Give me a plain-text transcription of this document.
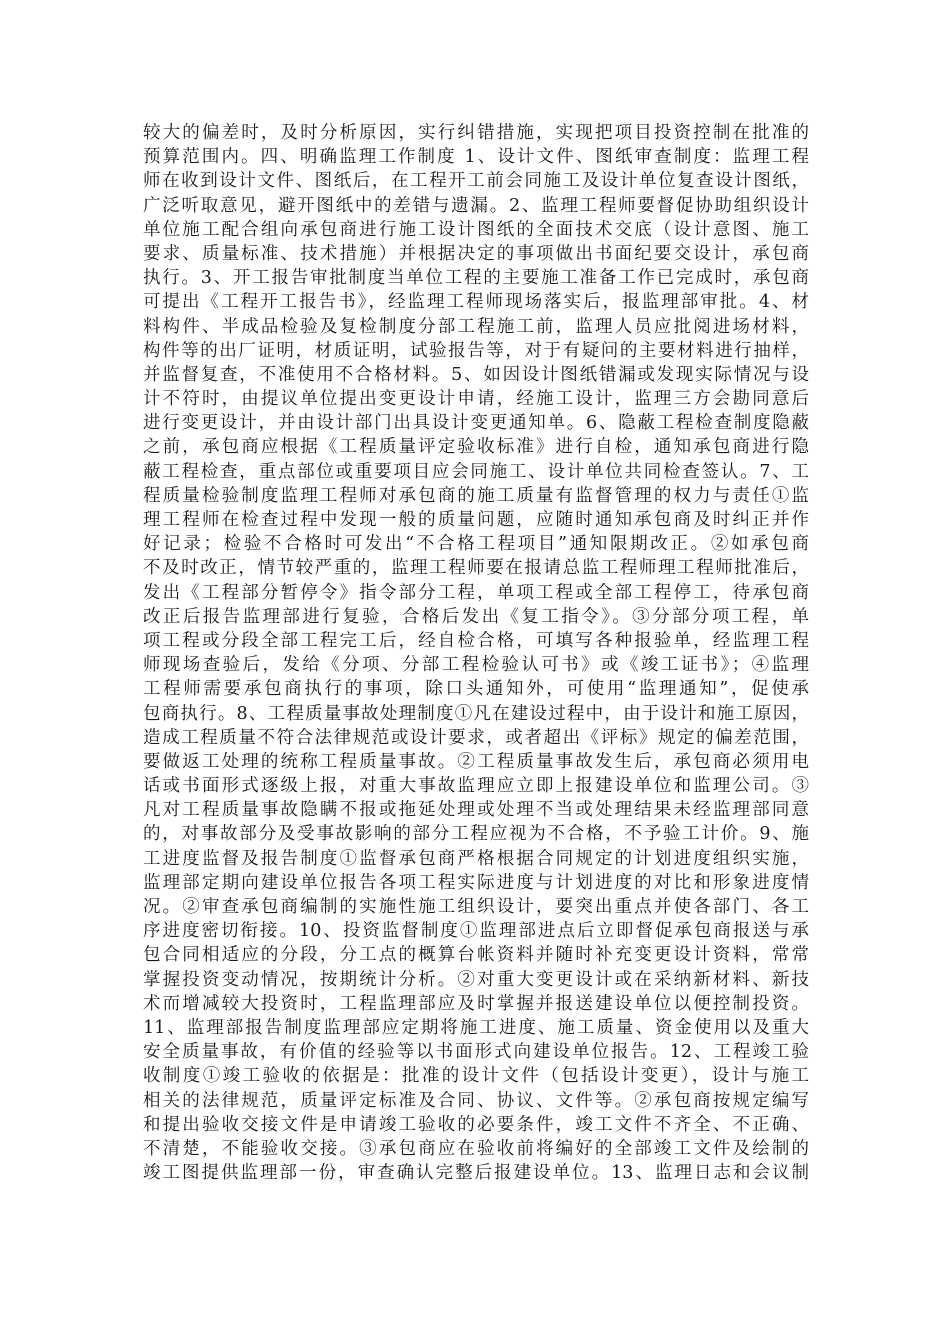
较大的偏差时，及时分析原因，实行纠错措施，实现把项目投资控制在批准的
预算范围内。四、明确监理工作制度 1、设计文件、图纸审查制度：监理工程
师在收到设计文件、图纸后，在工程开工前会同施工及设计单位复查设计图纸，
广泛听取意见，避开图纸中的差错与遗漏。2、监理工程师要督促协助组织设计
单位施工配合组向承包商进行施工设计图纸的全面技术交底（设计意图、施工
要求、质量标准、技术措施）并根据决定的事项做出书面纪要交设计，承包商
执行。3、开工报告审批制度当单位工程的主要施工准备工作已完成时，承包商
可提出《工程开工报告书》，经监理工程师现场落实后，报监理部审批。4、材
料构件、半成品检验及复检制度分部工程施工前，监理人员应批阅进场材料，
构件等的出厂证明，材质证明，试验报告等，对于有疑问的主要材料进行抽样，
并监督复查，不准使用不合格材料。5、如因设计图纸错漏或发现实际情况与设
计不符时，由提议单位提出变更设计申请，经施工设计，监理三方会勘同意后
进行变更设计，并由设计部门出具设计变更通知单。6、隐蔽工程检查制度隐蔽
之前，承包商应根据《工程质量评定验收标准》进行自检，通知承包商进行隐
蔽工程检查，重点部位或重要项目应会同施工、设计单位共同检查签认。7、工
程质量检验制度监理工程师对承包商的施工质量有监督管理的权力与责任①监
理工程师在检查过程中发现一般的质量问题，应随时通知承包商及时纠正并作
好记录；检验不合格时可发出“不合格工程项目”通知限期改正。②如承包商
不及时改正，情节较严重的，监理工程师要在报请总监工程师理工程师批准后，
发出《工程部分暂停令》指令部分工程，单项工程或全部工程停工，待承包商
改正后报告监理部进行复验，合格后发出《复工指令》。③分部分项工程，单
项工程或分段全部工程完工后，经自检合格，可填写各种报验单，经监理工程
师现场查验后，发给《分项、分部工程检验认可书》或《竣工证书》；④监理
工程师需要承包商执行的事项，除口头通知外，可使用“监理通知”，促使承
包商执行。8、工程质量事故处理制度①凡在建设过程中，由于设计和施工原因，
造成工程质量不符合法律规范或设计要求，或者超出《评标》规定的偏差范围，
要做返工处理的统称工程质量事故。②工程质量事故发生后，承包商必须用电
话或书面形式逐级上报，对重大事故监理应立即上报建设单位和监理公司。③
凡对工程质量事故隐瞒不报或拖延处理或处理不当或处理结果未经监理部同意
的，对事故部分及受事故影响的部分工程应视为不合格，不予验工计价。9、施
工进度监督及报告制度①监督承包商严格根据合同规定的计划进度组织实施，
监理部定期向建设单位报告各项工程实际进度与计划进度的对比和形象进度情
况。②审查承包商编制的实施性施工组织设计，要突出重点并使各部门、各工
序进度密切衔接。10、投资监督制度①监理部进点后立即督促承包商报送与承
包合同相适应的分段，分工点的概算台帐资料并随时补充变更设计资料，常常
掌握投资变动情况，按期统计分析。②对重大变更设计或在采纳新材料、新技
术而增减较大投资时，工程监理部应及时掌握并报送建设单位以便控制投资。
11、监理部报告制度监理部应定期将施工进度、施工质量、资金使用以及重大
安全质量事故，有价值的经验等以书面形式向建设单位报告。12、工程竣工验
收制度①竣工验收的依据是：批准的设计文件（包括设计变更），设计与施工
相关的法律规范，质量评定标准及合同、协议、文件等。②承包商按规定编写
和提出验收交接文件是申请竣工验收的必要条件，竣工文件不齐全、不正确、
不清楚，不能验收交接。③承包商应在验收前将编好的全部竣工文件及绘制的
竣工图提供监理部一份，审查确认完整后报建设单位。13、监理日志和会议制
